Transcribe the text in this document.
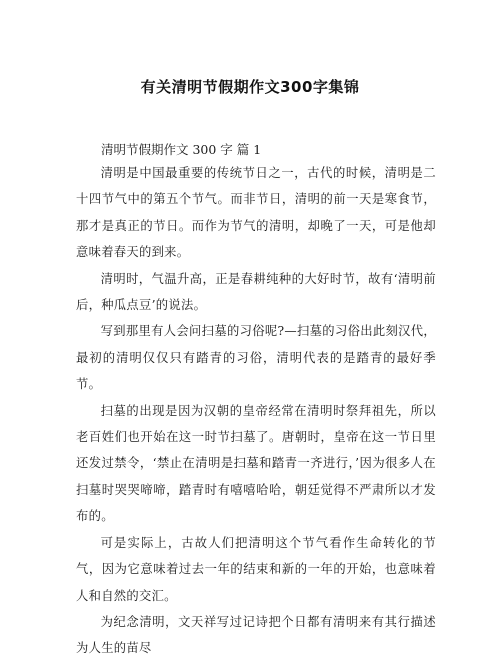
有关清明节假期作文300字集锦
清明节假期作文 300 字 篇 1

清明是中国最重要的传统节日之一，古代的时候，清明是二十四节气中的第五个节气。而非节日，清明的前一天是寒食节，那才是真正的节日。而作为节气的清明，却晚了一天，可是他却意味着春天的到来。

清明时，气温升高，正是春耕纯种的大好时节，故有‘清明前后，种瓜点豆’的说法。

写到那里有人会问扫墓的习俗呢?—扫墓的习俗出此刻汉代，最初的清明仅仅只有踏青的习俗，清明代表的是踏青的最好季节。

扫墓的出现是因为汉朝的皇帝经常在清明时祭拜祖先，所以老百姓们也开始在这一时节扫墓了。唐朝时，皇帝在这一节日里还发过禁令，‘禁止在清明是扫墓和踏青一齐进行，’因为很多人在扫墓时哭哭啼啼，踏青时有嘻嘻哈哈，朝廷觉得不严肃所以才发布的。

可是实际上，古故人们把清明这个节气看作生命转化的节气，因为它意味着过去一年的结束和新的一年的开始，也意味着人和自然的交汇。

为纪念清明，文天祥写过记诗把个日都有清明来有其行描述为人生的苗尽
